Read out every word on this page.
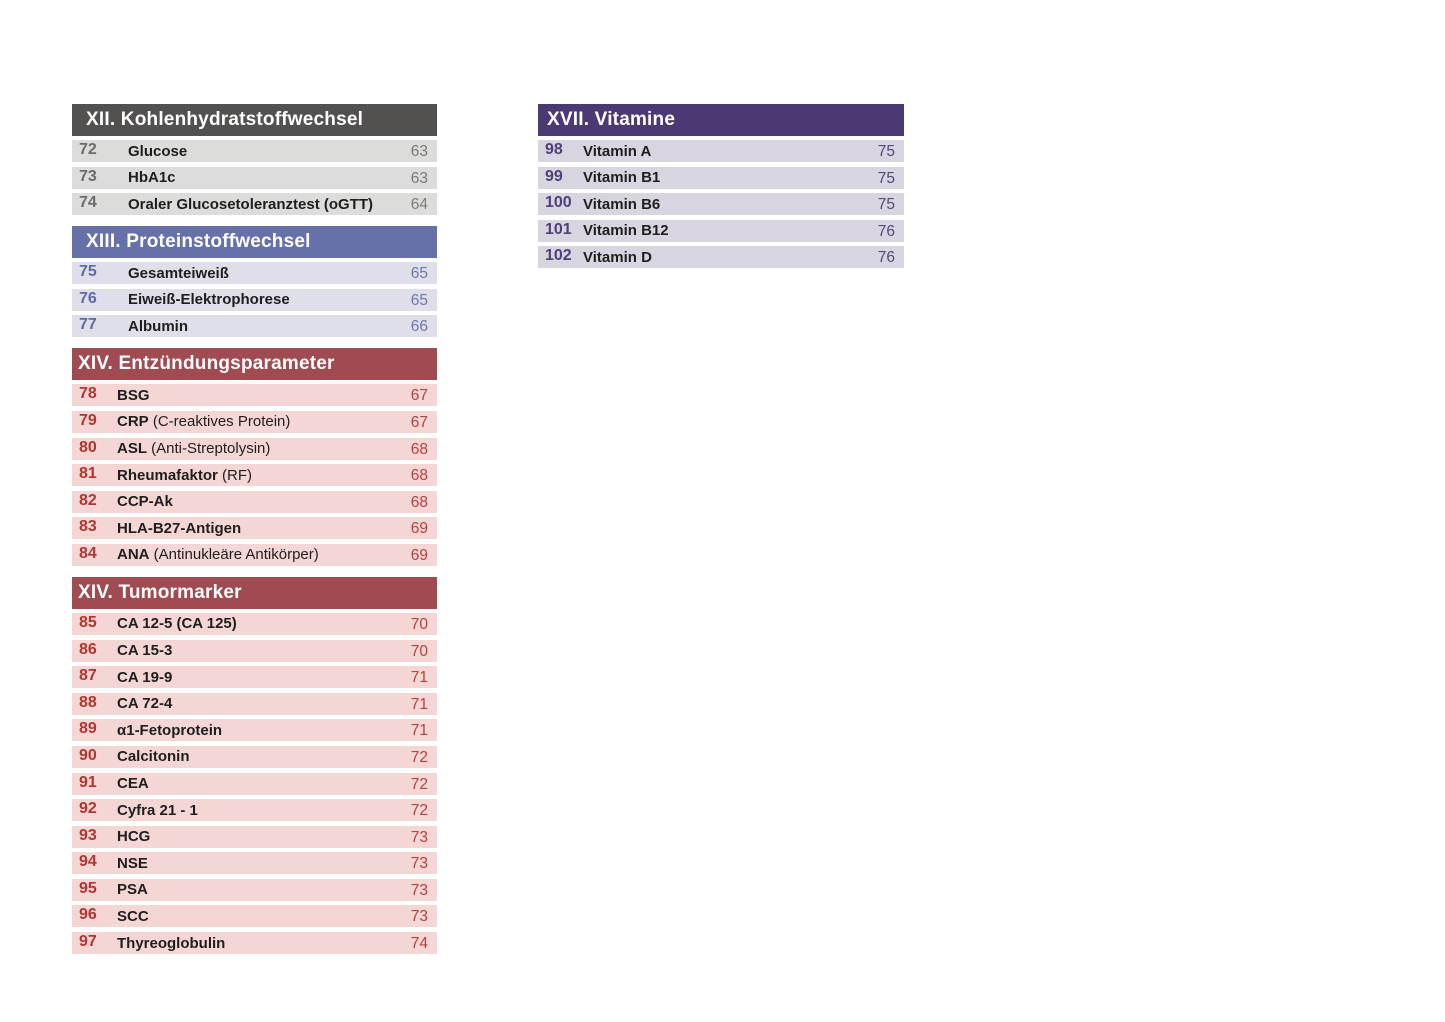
XII. Kohlenhydratstoffwechsel
72	Glucose	63
73	HbA1c	63
74	Oraler Glucosetoleranztest (oGTT) 64
XIII. Proteinstoffwechsel
75	Gesamteiweiß	65
76	Eiweiß-Elektrophorese	65
77	Albumin	66
XIV. Entzündungsparameter
78	BSG	67
79	CRP (C-reaktives Protein)	67
80	ASL (Anti-Streptolysin)	68
81	Rheumafaktor (RF)	68
82	CCP-Ak	68
83	HLA-B27-Antigen	69
84	ANA (Antinukleäre Antikörper)	69
XIV. Tumormarker
85	CA 12-5 (CA 125)	70
86	CA 15-3	70
87	CA 19-9	71
88	CA 72-4	71
89	α1-Fetoprotein	71
90	Calcitonin	72
91	CEA	72
92	Cyfra 21 - 1	72
93	HCG	73
94	NSE	73
95	PSA	73
96	SCC	73
97	Thyreoglobulin	74
XVII. Vitamine
98	Vitamin A	75
99	Vitamin B1	75
100 Vitamin B6	75
101 Vitamin B12	76
102 Vitamin D	76
